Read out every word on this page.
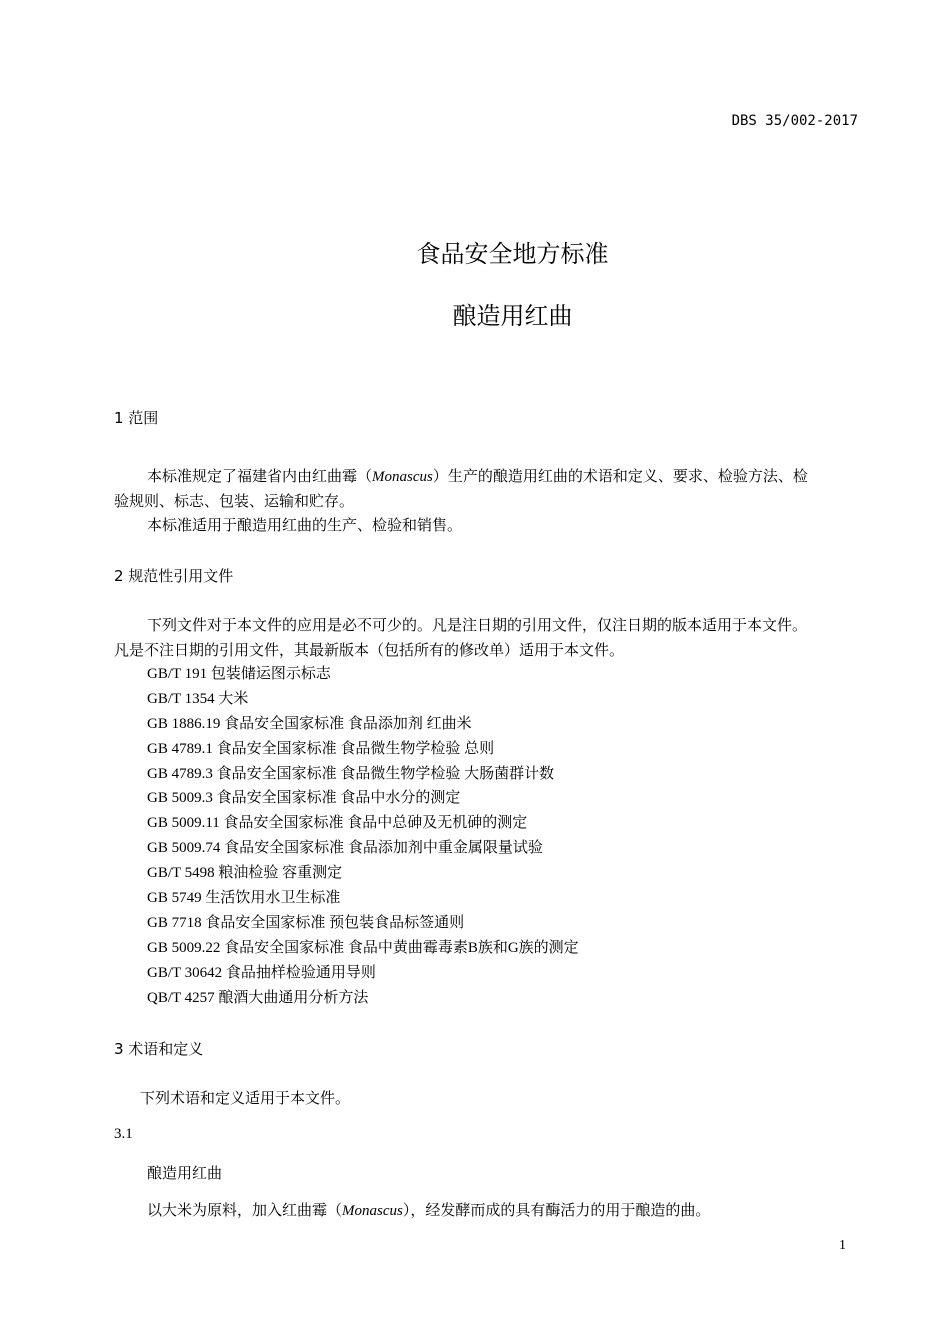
DBS 35/002-2017
食品安全地方标准
酿造用红曲
1 范围
本标准规定了福建省内由红曲霉（Monascus）生产的酿造用红曲的术语和定义、要求、检验方法、检
验规则、标志、包装、运输和贮存。
本标准适用于酿造用红曲的生产、检验和销售。
2 规范性引用文件
下列文件对于本文件的应用是必不可少的。凡是注日期的引用文件，仅注日期的版本适用于本文件。
凡是不注日期的引用文件，其最新版本（包括所有的修改单）适用于本文件。
GB/T 191 包装储运图示标志
GB/T 1354 大米
GB 1886.19 食品安全国家标准 食品添加剂 红曲米
GB 4789.1 食品安全国家标准 食品微生物学检验 总则
GB 4789.3 食品安全国家标准 食品微生物学检验 大肠菌群计数
GB 5009.3 食品安全国家标准 食品中水分的测定
GB 5009.11 食品安全国家标准 食品中总砷及无机砷的测定
GB 5009.74 食品安全国家标准 食品添加剂中重金属限量试验
GB/T 5498 粮油检验 容重测定
GB 5749 生活饮用水卫生标准
GB 7718 食品安全国家标准 预包装食品标签通则
GB 5009.22 食品安全国家标准 食品中黄曲霉毒素B族和G族的测定
GB/T 30642 食品抽样检验通用导则
QB/T 4257 酿酒大曲通用分析方法
3 术语和定义
下列术语和定义适用于本文件。
3.1
酿造用红曲
以大米为原料，加入红曲霉（Monascus），经发酵而成的具有酶活力的用于酿造的曲。
1
